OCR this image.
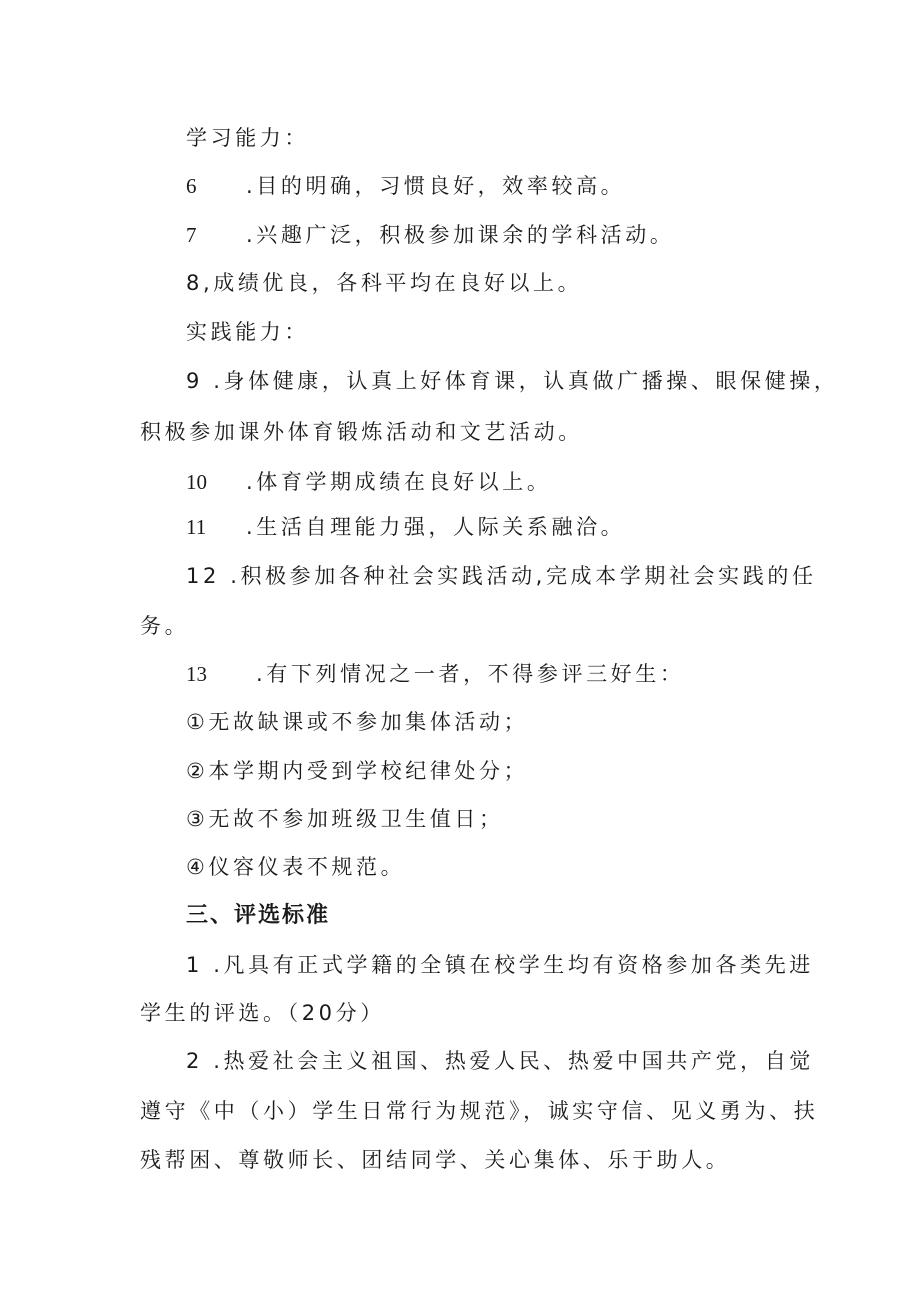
学习能力：
6 .目的明确，习惯良好，效率较高。
7 .兴趣广泛，积极参加课余的学科活动。
8,成绩优良，各科平均在良好以上。
实践能力：
9 .身体健康，认真上好体育课，认真做广播操、眼保健操，
积极参加课外体育锻炼活动和文艺活动。
10 .体育学期成绩在良好以上。
11 .生活自理能力强，人际关系融洽。
12 .积极参加各种社会实践活动,完成本学期社会实践的任
务。
13 .有下列情况之一者，不得参评三好生：
①无故缺课或不参加集体活动；
②本学期内受到学校纪律处分；
③无故不参加班级卫生值日；
④仪容仪表不规范。
三、评选标准
1 .凡具有正式学籍的全镇在校学生均有资格参加各类先进
学生的评选。（20分）
2 .热爱社会主义祖国、热爱人民、热爱中国共产党，自觉
遵守《中（小）学生日常行为规范》，诚实守信、见义勇为、扶
残帮困、尊敬师长、团结同学、关心集体、乐于助人。
